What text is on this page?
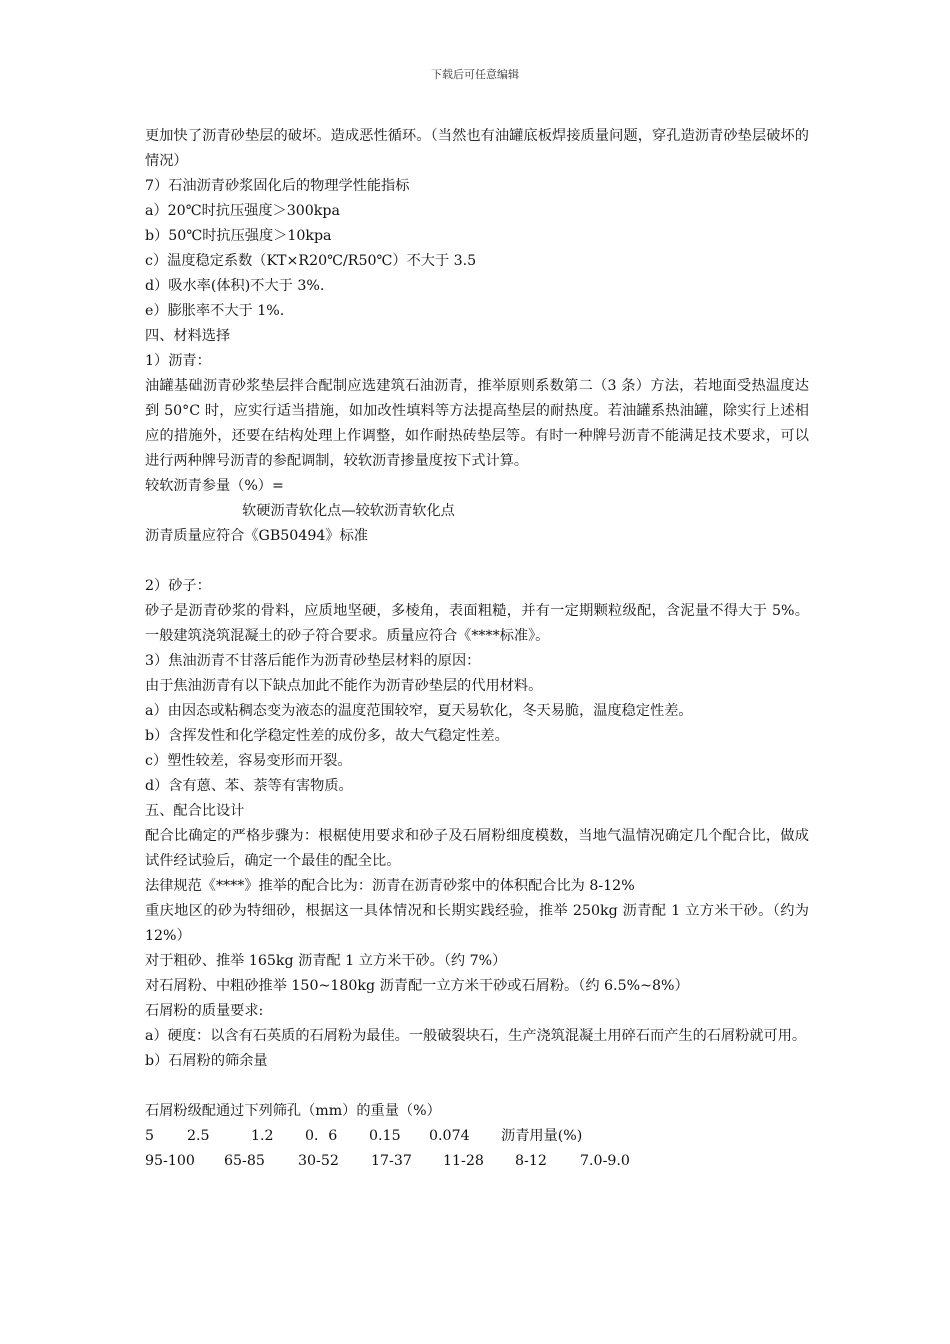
下载后可任意编辑

更加快了沥青砂垫层的破坏。造成恶性循环。（当然也有油罐底板焊接质量问题，穿孔造沥青砂垫层破坏的情况）

7）石油沥青砂浆固化后的物理学性能指标

a）20℃时抗压强度＞300kpa

b）50℃时抗压强度＞10kpa

c）温度稳定系数（KT×R20℃/R50℃）不大于 3.5

d）吸水率(体积)不大于 3%.

e）膨胀率不大于 1%.

四、材料选择

1）沥青：

油罐基础沥青砂浆垫层拌合配制应选建筑石油沥青，推举原则系数第二（3 条）方法，若地面受热温度达到 50°C 时，应实行适当措施，如加改性填料等方法提高垫层的耐热度。若油罐系热油罐，除实行上述相应的措施外，还要在结构处理上作调整，如作耐热砖垫层等。有时一种牌号沥青不能满足技术要求，可以进行两种牌号沥青的参配调制，较软沥青掺量度按下式计算。

较软沥青参量（%）=

软硬沥青软化点—较软沥青软化点

沥青质量应符合《GB50494》标准

2）砂子：

砂子是沥青砂浆的骨料，应质地坚硬，多棱角，表面粗糙，并有一定期颗粒级配，含泥量不得大于 5%。一般建筑浇筑混凝土的砂子符合要求。质量应符合《****标准》。

3）焦油沥青不甘落后能作为沥青砂垫层材料的原因：

由于焦油沥青有以下缺点加此不能作为沥青砂垫层的代用材料。

a）由因态或粘稠态变为液态的温度范围较窄，夏天易软化，冬天易脆，温度稳定性差。

b）含挥发性和化学稳定性差的成份多，故大气稳定性差。

c）塑性较差，容易变形而开裂。

d）含有蒽、苯、萘等有害物质。

五、配合比设计

配合比确定的严格步骤为：根椐使用要求和砂子及石屑粉细度模数，当地气温情况确定几个配合比，做成试件经试验后，确定一个最佳的配全比。

法律规范《****》推举的配合比为：沥青在沥青砂浆中的体积配合比为 8-12%

重庆地区的砂为特细砂，根据这一具体情况和长期实践经验，推举 250kg 沥青配 1 立方米干砂。（约为 12%）

对于粗砂、推举 165kg 沥青配 1 立方米干砂。（约 7%）

对石屑粉、中粗砂推举 150~180kg 沥青配一立方米干砂或石屑粉。（约 6.5%~8%）

石屑粉的质量要求:

a）硬度：以含有石英质的石屑粉为最佳。一般破裂块石，生产浇筑混凝土用碎石而产生的石屑粉就可用。

b）石屑粉的筛余量

石屑粉级配通过下列筛孔（mm）的重量（%）

5	2.5	1.2	0．6	0.15	0.074	沥青用量(%)
95-100	65-85	30-52	17-37	11-28	8-12	7.0-9.0
